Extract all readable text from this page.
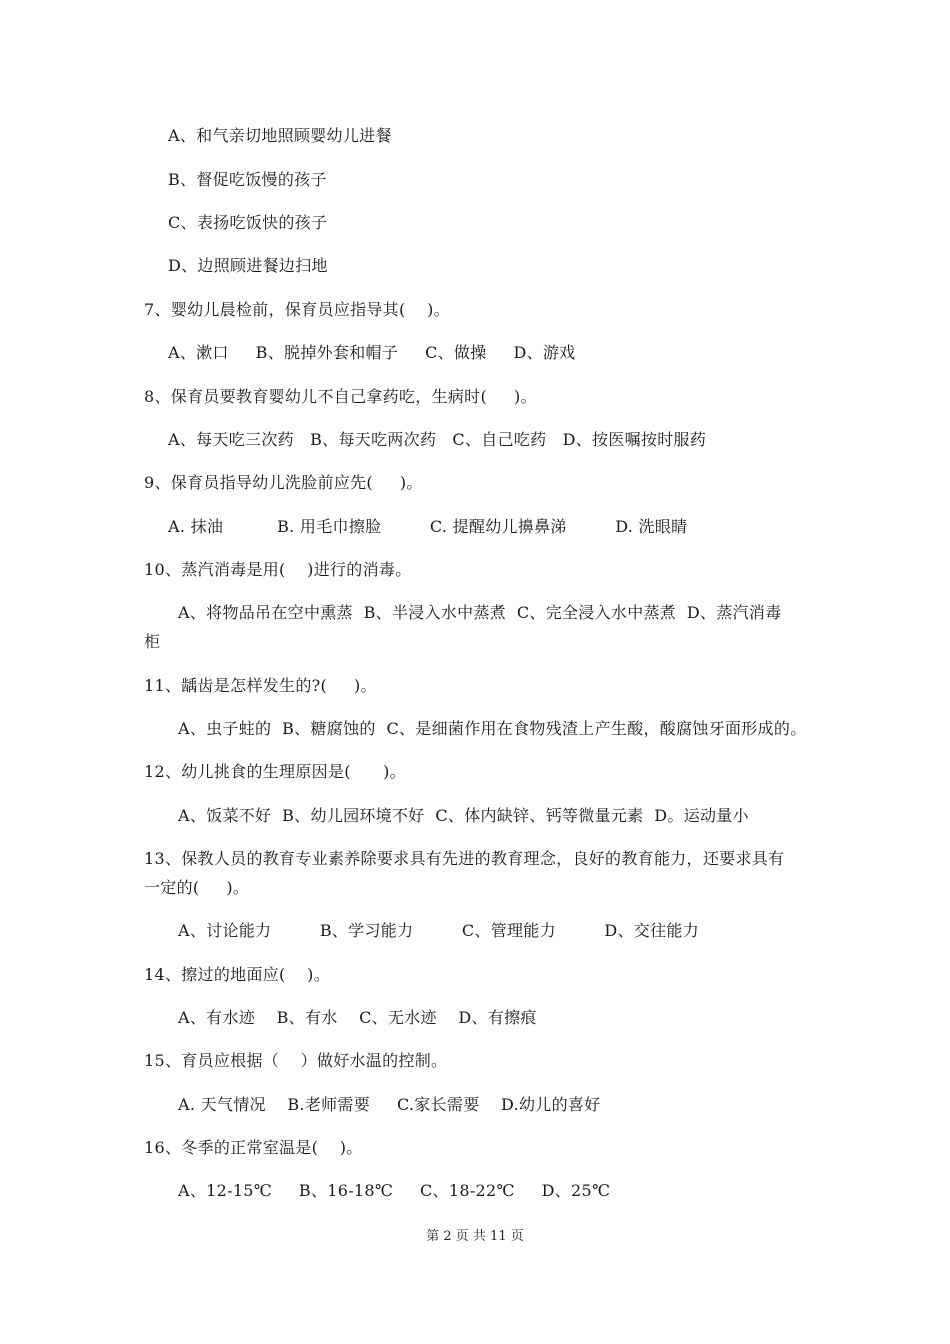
A、和气亲切地照顾婴幼儿进餐
B、督促吃饭慢的孩子
C、表扬吃饭快的孩子
D、边照顾进餐边扫地
7、婴幼儿晨检前，保育员应指导其(    )。
A、漱口     B、脱掉外套和帽子     C、做操     D、游戏
8、保育员要教育婴幼儿不自己拿药吃，生病时(     )。
A、每天吃三次药   B、每天吃两次药   C、自己吃药   D、按医嘱按时服药
9、保育员指导幼儿洗脸前应先(     )。
A. 抹油          B. 用毛巾擦脸         C. 提醒幼儿擤鼻涕         D. 洗眼睛
10、蒸汽消毒是用(    )进行的消毒。
A、将物品吊在空中熏蒸  B、半浸入水中蒸煮  C、完全浸入水中蒸煮  D、蒸汽消毒
柜
11、龋齿是怎样发生的?(     )。
A、虫子蛀的  B、糖腐蚀的  C、是细菌作用在食物残渣上产生酸，酸腐蚀牙面形成的。
12、幼儿挑食的生理原因是(      )。
A、饭菜不好  B、幼儿园环境不好  C、体内缺锌、钙等微量元素  D。运动量小
13、保教人员的教育专业素养除要求具有先进的教育理念，良好的教育能力，还要求具有
一定的(     )。
A、讨论能力         B、学习能力         C、管理能力         D、交往能力
14、擦过的地面应(    )。
A、有水迹    B、有水    C、无水迹    D、有擦痕
15、育员应根据（    ）做好水温的控制。
A. 天气情况    B.老师需要     C.家长需要    D.幼儿的喜好
16、冬季的正常室温是(    )。
A、12-15℃     B、16-18℃     C、18-22℃     D、25℃
第 2 页 共 11 页
